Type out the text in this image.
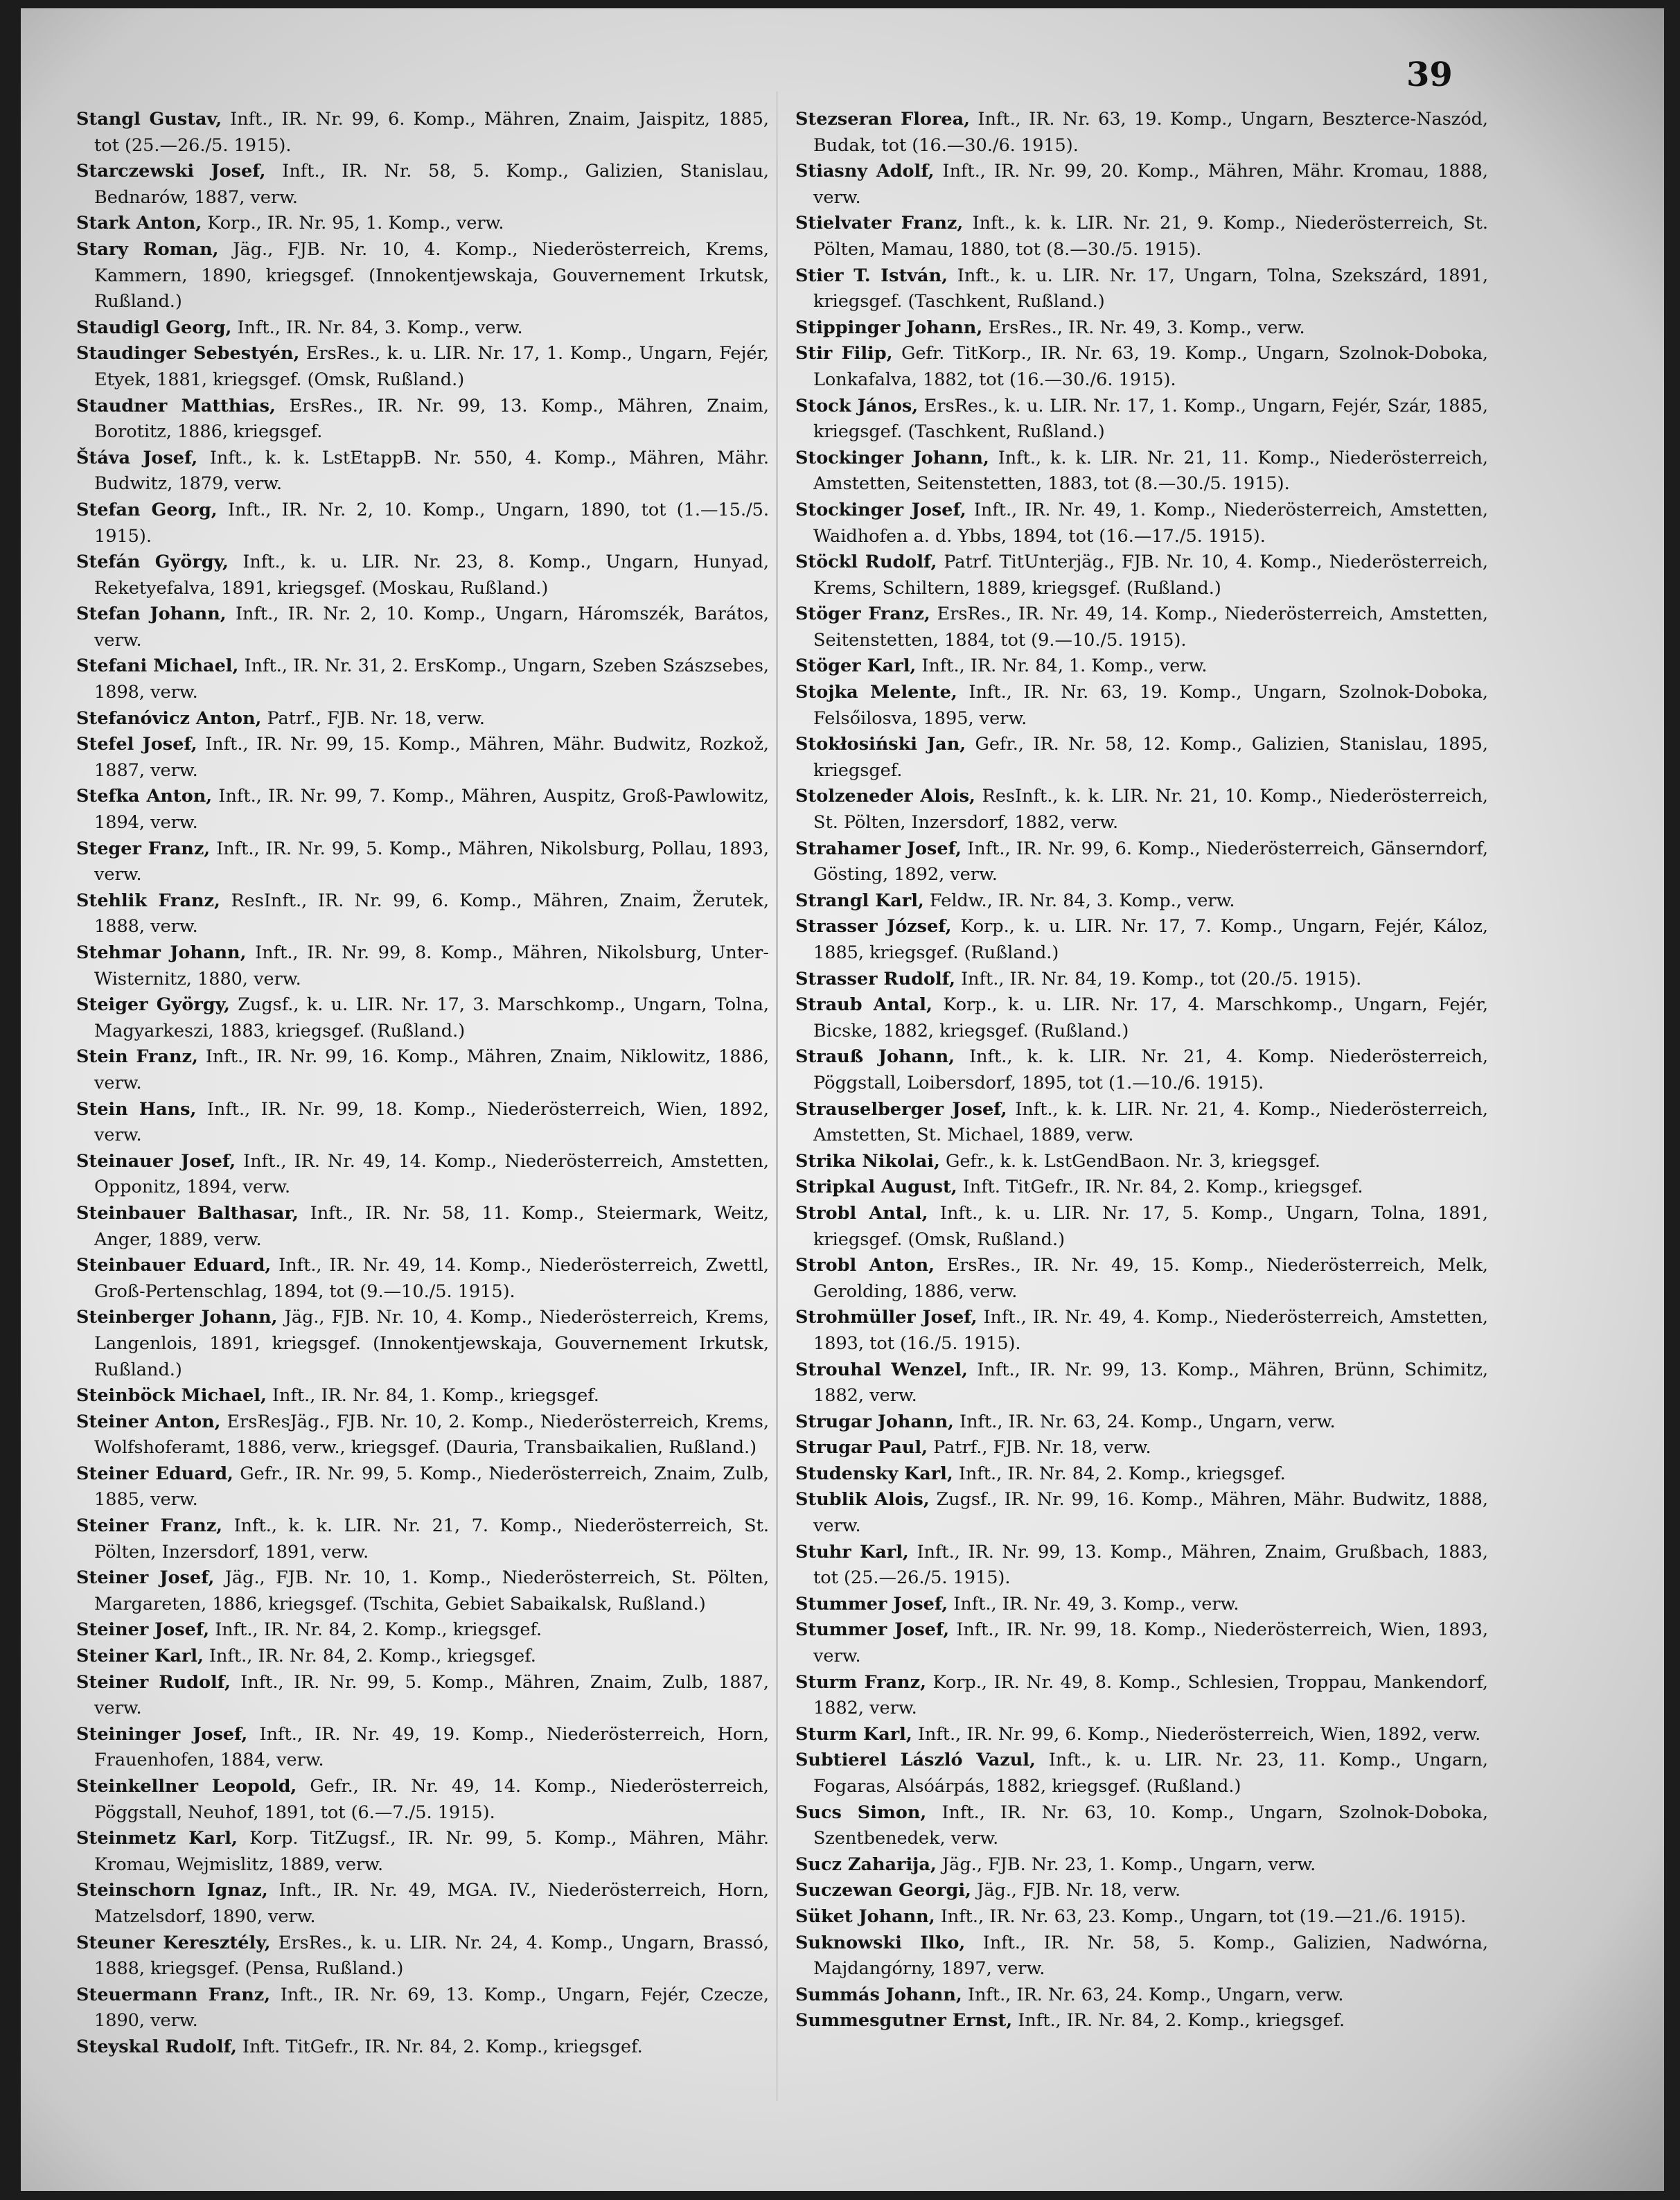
39
Stangl Gustav, Inft., IR. Nr. 99, 6. Komp., Mähren, Znaim, Jaispitz, 1885, tot (25.—26./5. 1915).
Starczewski Josef, Inft., IR. Nr. 58, 5. Komp., Galizien, Stanislau, Bednarów, 1887, verw.
Stark Anton, Korp., IR. Nr. 95, 1. Komp., verw.
Stary Roman, Jäg., FJB. Nr. 10, 4. Komp., Niederösterreich, Krems, Kammern, 1890, kriegsgef. (Innokentjewskaja, Gouvernement Irkutsk, Rußland.)
Staudigl Georg, Inft., IR. Nr. 84, 3. Komp., verw.
Staudinger Sebestyén, ErsRes., k. u. LIR. Nr. 17, 1. Komp., Ungarn, Fejér, Etyek, 1881, kriegsgef. (Omsk, Rußland.)
Staudner Matthias, ErsRes., IR. Nr. 99, 13. Komp., Mähren, Znaim, Borotitz, 1886, kriegsgef.
Štáva Josef, Inft., k. k. LstEtappB. Nr. 550, 4. Komp., Mähren, Mähr. Budwitz, 1879, verw.
Stefan Georg, Inft., IR. Nr. 2, 10. Komp., Ungarn, 1890, tot (1.—15./5. 1915).
Stefán György, Inft., k. u. LIR. Nr. 23, 8. Komp., Ungarn, Hunyad, Reketyefalva, 1891, kriegsgef. (Moskau, Rußland.)
Stefan Johann, Inft., IR. Nr. 2, 10. Komp., Ungarn, Háromszék, Barátos, verw.
Stefani Michael, Inft., IR. Nr. 31, 2. ErsKomp., Ungarn, Szeben Szászsebes, 1898, verw.
Stefanóvicz Anton, Patrf., FJB. Nr. 18, verw.
Stefel Josef, Inft., IR. Nr. 99, 15. Komp., Mähren, Mähr. Budwitz, Rozkož, 1887, verw.
Stefka Anton, Inft., IR. Nr. 99, 7. Komp., Mähren, Auspitz, Groß-Pawlowitz, 1894, verw.
Steger Franz, Inft., IR. Nr. 99, 5. Komp., Mähren, Nikolsburg, Pollau, 1893, verw.
Stehlik Franz, ResInft., IR. Nr. 99, 6. Komp., Mähren, Znaim, Žerutek, 1888, verw.
Stehmar Johann, Inft., IR. Nr. 99, 8. Komp., Mähren, Nikolsburg, Unter-Wisternitz, 1880, verw.
Steiger György, Zugsf., k. u. LIR. Nr. 17, 3. Marschkomp., Ungarn, Tolna, Magyarkeszi, 1883, kriegsgef. (Rußland.)
Stein Franz, Inft., IR. Nr. 99, 16. Komp., Mähren, Znaim, Niklowitz, 1886, verw.
Stein Hans, Inft., IR. Nr. 99, 18. Komp., Niederösterreich, Wien, 1892, verw.
Steinauer Josef, Inft., IR. Nr. 49, 14. Komp., Niederösterreich, Amstetten, Opponitz, 1894, verw.
Steinbauer Balthasar, Inft., IR. Nr. 58, 11. Komp., Steiermark, Weitz, Anger, 1889, verw.
Steinbauer Eduard, Inft., IR. Nr. 49, 14. Komp., Niederösterreich, Zwettl, Groß-Pertenschlag, 1894, tot (9.—10./5. 1915).
Steinberger Johann, Jäg., FJB. Nr. 10, 4. Komp., Niederösterreich, Krems, Langenlois, 1891, kriegsgef. (Innokentjewskaja, Gouvernement Irkutsk, Rußland.)
Steinböck Michael, Inft., IR. Nr. 84, 1. Komp., kriegsgef.
Steiner Anton, ErsResJäg., FJB. Nr. 10, 2. Komp., Niederösterreich, Krems, Wolfshoferamt, 1886, verw., kriegsgef. (Dauria, Transbaikalien, Rußland.)
Steiner Eduard, Gefr., IR. Nr. 99, 5. Komp., Niederösterreich, Znaim, Zulb, 1885, verw.
Steiner Franz, Inft., k. k. LIR. Nr. 21, 7. Komp., Niederösterreich, St. Pölten, Inzersdorf, 1891, verw.
Steiner Josef, Jäg., FJB. Nr. 10, 1. Komp., Niederösterreich, St. Pölten, Margareten, 1886, kriegsgef. (Tschita, Gebiet Sabaikalsk, Rußland.)
Steiner Josef, Inft., IR. Nr. 84, 2. Komp., kriegsgef.
Steiner Karl, Inft., IR. Nr. 84, 2. Komp., kriegsgef.
Steiner Rudolf, Inft., IR. Nr. 99, 5. Komp., Mähren, Znaim, Zulb, 1887, verw.
Steininger Josef, Inft., IR. Nr. 49, 19. Komp., Niederösterreich, Horn, Frauenhofen, 1884, verw.
Steinkellner Leopold, Gefr., IR. Nr. 49, 14. Komp., Niederösterreich, Pöggstall, Neuhof, 1891, tot (6.—7./5. 1915).
Steinmetz Karl, Korp. TitZugsf., IR. Nr. 99, 5. Komp., Mähren, Mähr. Kromau, Wejmislitz, 1889, verw.
Steinschorn Ignaz, Inft., IR. Nr. 49, MGA. IV., Niederösterreich, Horn, Matzelsdorf, 1890, verw.
Steuner Keresztély, ErsRes., k. u. LIR. Nr. 24, 4. Komp., Ungarn, Brassó, 1888, kriegsgef. (Pensa, Rußland.)
Steuermann Franz, Inft., IR. Nr. 69, 13. Komp., Ungarn, Fejér, Czecze, 1890, verw.
Steyskal Rudolf, Inft. TitGefr., IR. Nr. 84, 2. Komp., kriegsgef.
Stezseran Florea, Inft., IR. Nr. 63, 19. Komp., Ungarn, Beszterce-Naszód, Budak, tot (16.—30./6. 1915).
Stiasny Adolf, Inft., IR. Nr. 99, 20. Komp., Mähren, Mähr. Kromau, 1888, verw.
Stielvater Franz, Inft., k. k. LIR. Nr. 21, 9. Komp., Niederösterreich, St. Pölten, Mamau, 1880, tot (8.—30./5. 1915).
Stier T. István, Inft., k. u. LIR. Nr. 17, Ungarn, Tolna, Szekszárd, 1891, kriegsgef. (Taschkent, Rußland.)
Stippinger Johann, ErsRes., IR. Nr. 49, 3. Komp., verw.
Stir Filip, Gefr. TitKorp., IR. Nr. 63, 19. Komp., Ungarn, Szolnok-Doboka, Lonkafalva, 1882, tot (16.—30./6. 1915).
Stock János, ErsRes., k. u. LIR. Nr. 17, 1. Komp., Ungarn, Fejér, Szár, 1885, kriegsgef. (Taschkent, Rußland.)
Stockinger Johann, Inft., k. k. LIR. Nr. 21, 11. Komp., Niederösterreich, Amstetten, Seitenstetten, 1883, tot (8.—30./5. 1915).
Stockinger Josef, Inft., IR. Nr. 49, 1. Komp., Niederösterreich, Amstetten, Waidhofen a. d. Ybbs, 1894, tot (16.—17./5. 1915).
Stöckl Rudolf, Patrf. TitUnterjäg., FJB. Nr. 10, 4. Komp., Niederösterreich, Krems, Schiltern, 1889, kriegsgef. (Rußland.)
Stöger Franz, ErsRes., IR. Nr. 49, 14. Komp., Niederösterreich, Amstetten, Seitenstetten, 1884, tot (9.—10./5. 1915).
Stöger Karl, Inft., IR. Nr. 84, 1. Komp., verw.
Stojka Melente, Inft., IR. Nr. 63, 19. Komp., Ungarn, Szolnok-Doboka, Felsőilosva, 1895, verw.
Stokłosiński Jan, Gefr., IR. Nr. 58, 12. Komp., Galizien, Stanislau, 1895, kriegsgef.
Stolzeneder Alois, ResInft., k. k. LIR. Nr. 21, 10. Komp., Niederösterreich, St. Pölten, Inzersdorf, 1882, verw.
Strahamer Josef, Inft., IR. Nr. 99, 6. Komp., Niederösterreich, Gänserndorf, Gösting, 1892, verw.
Strangl Karl, Feldw., IR. Nr. 84, 3. Komp., verw.
Strasser József, Korp., k. u. LIR. Nr. 17, 7. Komp., Ungarn, Fejér, Káloz, 1885, kriegsgef. (Rußland.)
Strasser Rudolf, Inft., IR. Nr. 84, 19. Komp., tot (20./5. 1915).
Straub Antal, Korp., k. u. LIR. Nr. 17, 4. Marschkomp., Ungarn, Fejér, Bicske, 1882, kriegsgef. (Rußland.)
Strauß Johann, Inft., k. k. LIR. Nr. 21, 4. Komp. Niederösterreich, Pöggstall, Loibersdorf, 1895, tot (1.—10./6. 1915).
Strauselberger Josef, Inft., k. k. LIR. Nr. 21, 4. Komp., Niederösterreich, Amstetten, St. Michael, 1889, verw.
Strika Nikolai, Gefr., k. k. LstGendBaon. Nr. 3, kriegsgef.
Stripkal August, Inft. TitGefr., IR. Nr. 84, 2. Komp., kriegsgef.
Strobl Antal, Inft., k. u. LIR. Nr. 17, 5. Komp., Ungarn, Tolna, 1891, kriegsgef. (Omsk, Rußland.)
Strobl Anton, ErsRes., IR. Nr. 49, 15. Komp., Niederösterreich, Melk, Gerolding, 1886, verw.
Strohmüller Josef, Inft., IR. Nr. 49, 4. Komp., Niederösterreich, Amstetten, 1893, tot (16./5. 1915).
Strouhal Wenzel, Inft., IR. Nr. 99, 13. Komp., Mähren, Brünn, Schimitz, 1882, verw.
Strugar Johann, Inft., IR. Nr. 63, 24. Komp., Ungarn, verw.
Strugar Paul, Patrf., FJB. Nr. 18, verw.
Studensky Karl, Inft., IR. Nr. 84, 2. Komp., kriegsgef.
Stublik Alois, Zugsf., IR. Nr. 99, 16. Komp., Mähren, Mähr. Budwitz, 1888, verw.
Stuhr Karl, Inft., IR. Nr. 99, 13. Komp., Mähren, Znaim, Grußbach, 1883, tot (25.—26./5. 1915).
Stummer Josef, Inft., IR. Nr. 49, 3. Komp., verw.
Stummer Josef, Inft., IR. Nr. 99, 18. Komp., Niederösterreich, Wien, 1893, verw.
Sturm Franz, Korp., IR. Nr. 49, 8. Komp., Schlesien, Troppau, Mankendorf, 1882, verw.
Sturm Karl, Inft., IR. Nr. 99, 6. Komp., Niederösterreich, Wien, 1892, verw.
Subtierel László Vazul, Inft., k. u. LIR. Nr. 23, 11. Komp., Ungarn, Fogaras, Alsóárpás, 1882, kriegsgef. (Rußland.)
Sucs Simon, Inft., IR. Nr. 63, 10. Komp., Ungarn, Szolnok-Doboka, Szentbenedek, verw.
Sucz Zaharija, Jäg., FJB. Nr. 23, 1. Komp., Ungarn, verw.
Suczewan Georgi, Jäg., FJB. Nr. 18, verw.
Süket Johann, Inft., IR. Nr. 63, 23. Komp., Ungarn, tot (19.—21./6. 1915).
Suknowski Ilko, Inft., IR. Nr. 58, 5. Komp., Galizien, Nadwórna, Majdangórny, 1897, verw.
Summás Johann, Inft., IR. Nr. 63, 24. Komp., Ungarn, verw.
Summesgutner Ernst, Inft., IR. Nr. 84, 2. Komp., kriegsgef.
